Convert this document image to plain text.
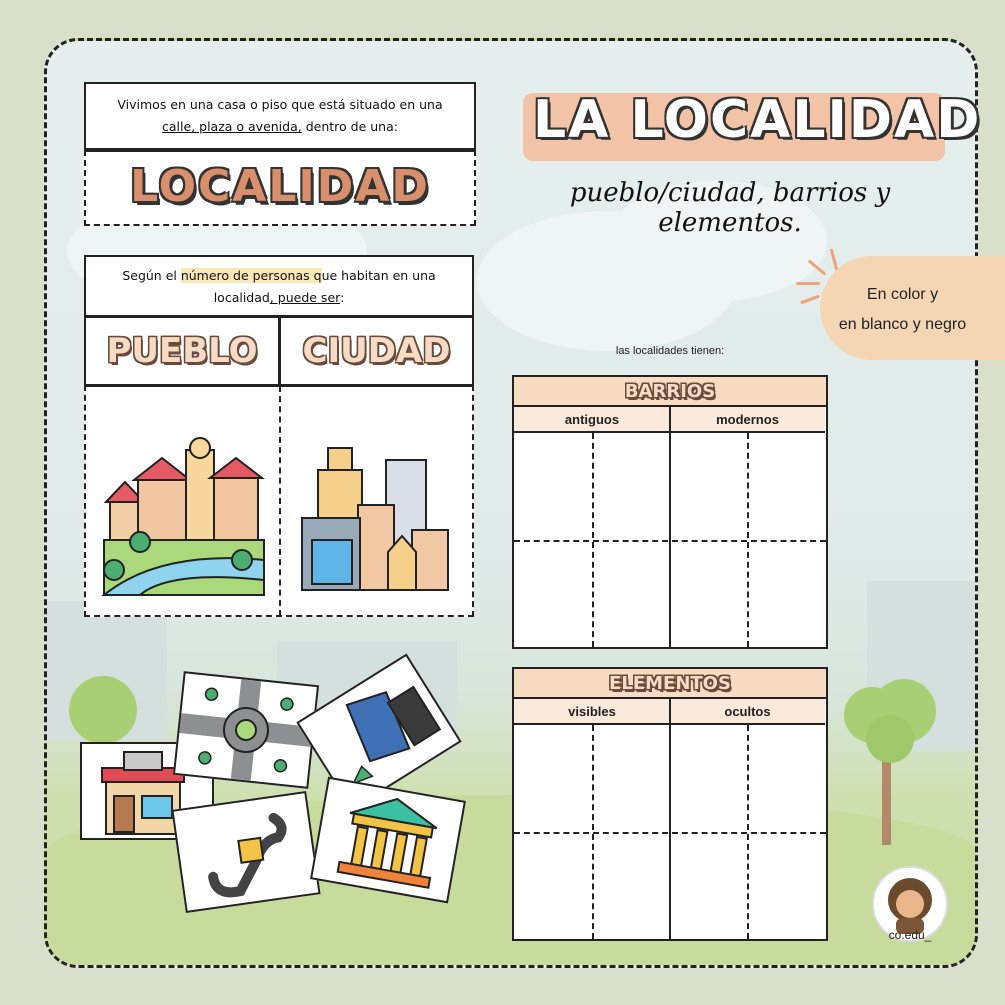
Vivimos en una casa o piso que está situado en una
calle, plaza o avenida, dentro de una:
LOCALIDAD
Según el número de personas que habitan en una
localidad, puede ser:
PUEBLO	CIUDAD
LA LOCALIDAD
pueblo/ciudad, barrios y elementos.
En color y
en blanco y negro
las localidades tienen:
BARRIOS
antiguos	modernos
ELEMENTOS
visibles	ocultos
co.edu_
